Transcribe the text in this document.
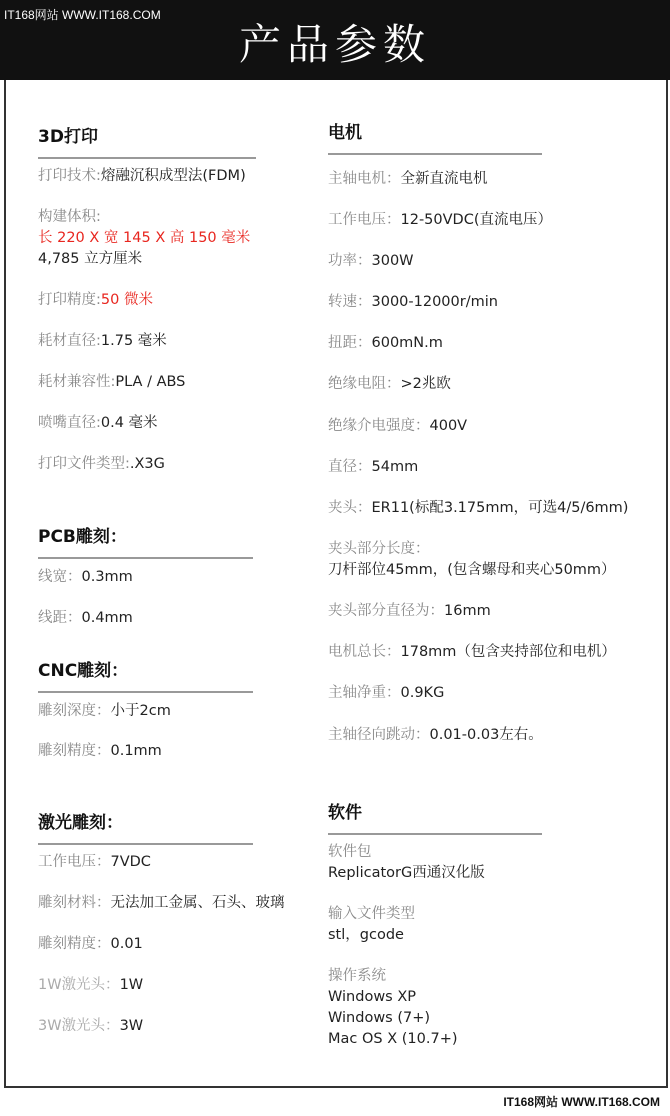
IT168网站 WWW.IT168.COM
产品参数
3D打印
打印技术:熔融沉积成型法(FDM)
构建体积:
长 220 X 宽 145 X 高 150 毫米
4,785 立方厘米
打印精度:50 微米
耗材直径:1.75 毫米
耗材兼容性:PLA / ABS
喷嘴直径:0.4 毫米
打印文件类型:.X3G
PCB雕刻：
线宽：0.3mm
线距：0.4mm
CNC雕刻：
雕刻深度：小于2cm
雕刻精度：0.1mm
激光雕刻：
工作电压：7VDC
雕刻材料：无法加工金属、石头、玻璃
雕刻精度：0.01
1W激光头：1W
3W激光头：3W
电机
主轴电机：全新直流电机
工作电压：12-50VDC(直流电压）
功率：300W
转速：3000-12000r/min
扭距：600mN.m
绝缘电阻：>2兆欧
绝缘介电强度：400V
直径：54mm
夹头：ER11(标配3.175mm，可选4/5/6mm)
夹头部分长度：
刀杆部位45mm，(包含螺母和夹心50mm）
夹头部分直径为：16mm
电机总长：178mm（包含夹持部位和电机）
主轴净重：0.9KG
主轴径向跳动：0.01-0.03左右。
软件
软件包
ReplicatorG西通汉化版
输入文件类型
stl，gcode
操作系统
Windows XP
Windows (7+)
Mac OS X (10.7+)
IT168网站 WWW.IT168.COM
